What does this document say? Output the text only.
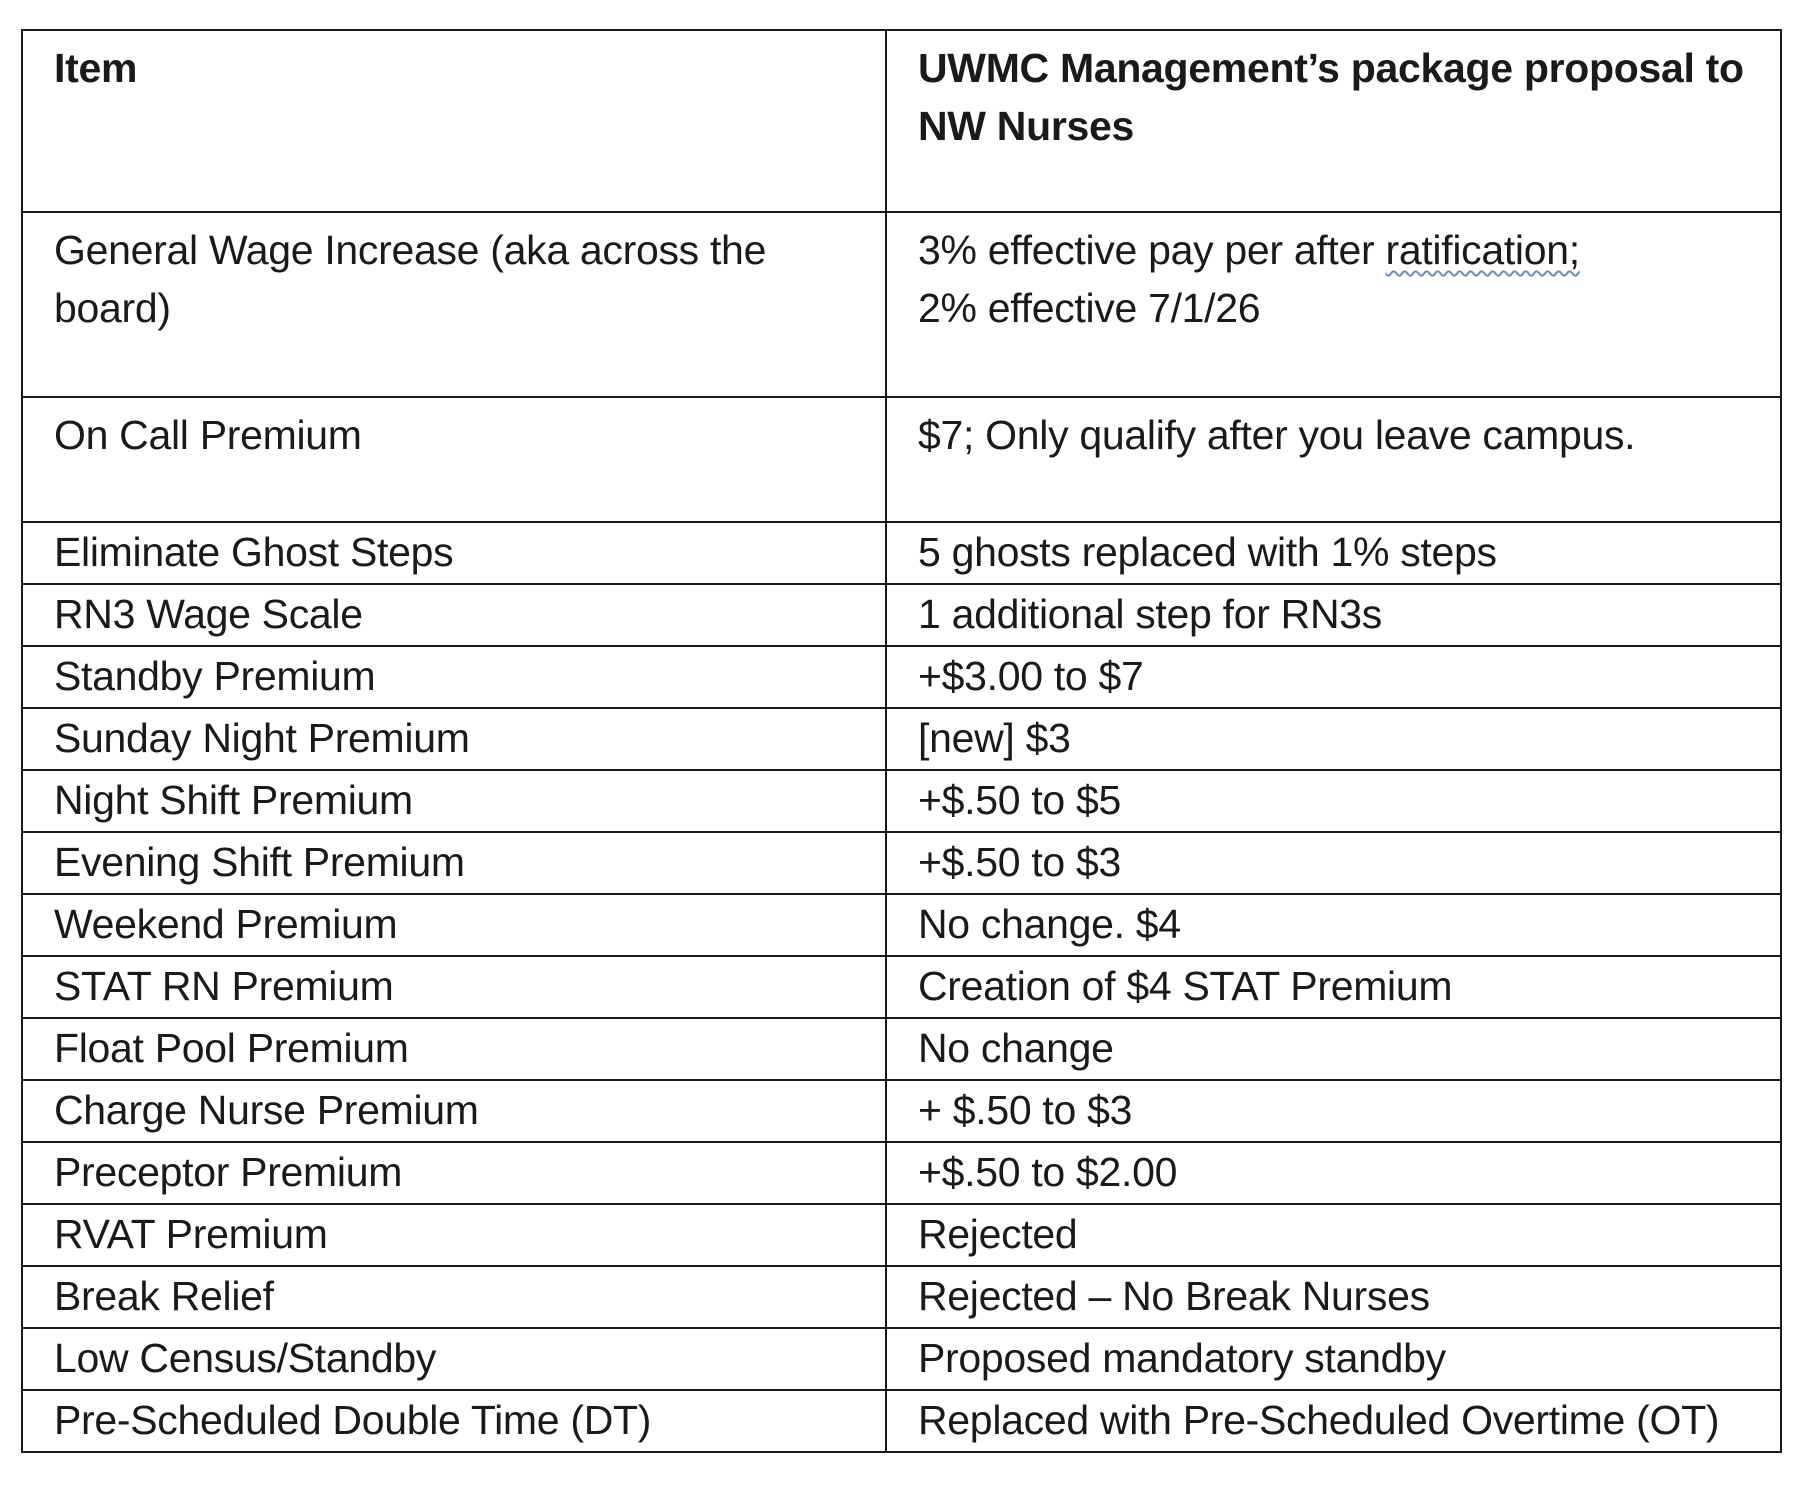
Item	UWMC Management’s package proposal to NW Nurses
General Wage Increase (aka across the board)	3% effective pay per after ratification;
2% effective 7/1/26

On Call Premium	$7; Only qualify after you leave campus.
Eliminate Ghost Steps	5 ghosts replaced with 1% steps
RN3 Wage Scale	1 additional step for RN3s
Standby Premium	+$3.00 to $7
Sunday Night Premium	[new] $3
Night Shift Premium	+$.50 to $5
Evening Shift Premium	+$.50 to $3
Weekend Premium	No change. $4
STAT RN Premium	Creation of $4 STAT Premium
Float Pool Premium	No change
Charge Nurse Premium	+ $.50 to $3
Preceptor Premium	+$.50 to $2.00
RVAT Premium	Rejected
Break Relief	Rejected – No Break Nurses
Low Census/Standby	Proposed mandatory standby
Pre-Scheduled Double Time (DT)	Replaced with Pre-Scheduled Overtime (OT)
